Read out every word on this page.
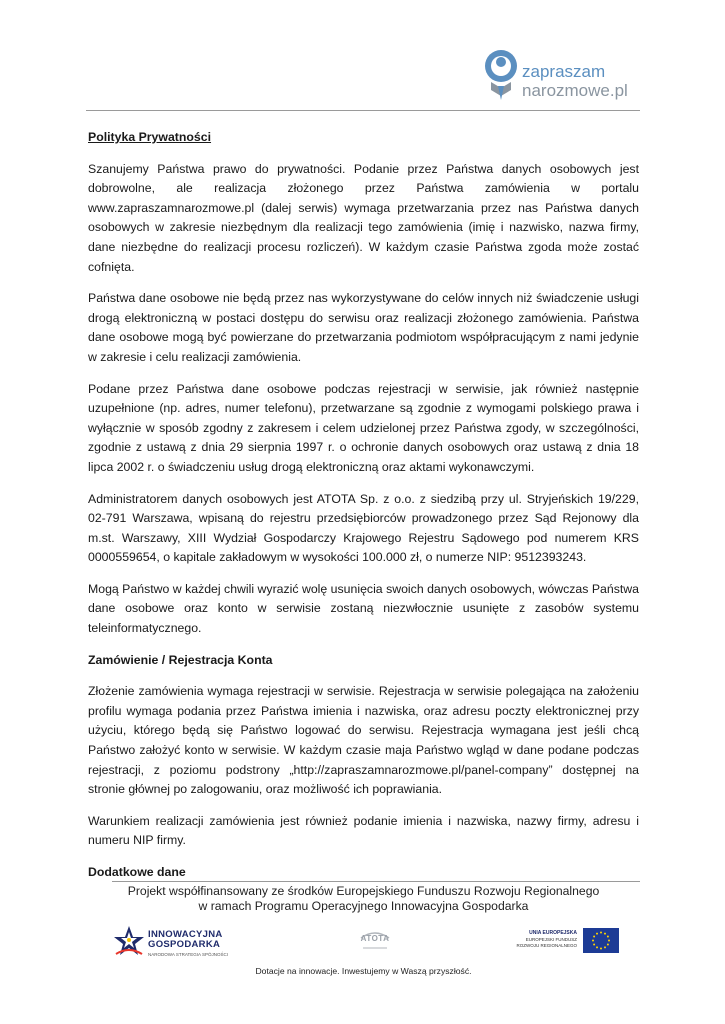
zapraszam
narozmowe.pl
Polityka Prywatności

Szanujemy Państwa prawo do prywatności. Podanie przez Państwa danych osobowych jest dobrowolne, ale realizacja złożonego przez Państwa zamówienia w portalu www.zapraszamnarozmowe.pl (dalej serwis) wymaga przetwarzania przez nas Państwa danych osobowych w zakresie niezbędnym dla realizacji tego zamówienia (imię i nazwisko, nazwa firmy, dane niezbędne do realizacji procesu rozliczeń). W każdym czasie Państwa zgoda może zostać cofnięta.

Państwa dane osobowe nie będą przez nas wykorzystywane do celów innych niż świadczenie usługi drogą elektroniczną w postaci dostępu do serwisu oraz realizacji złożonego zamówienia. Państwa dane osobowe mogą być powierzane do przetwarzania podmiotom współpracującym z nami jedynie w zakresie i celu realizacji zamówienia.

Podane przez Państwa dane osobowe podczas rejestracji w serwisie, jak również następnie uzupełnione (np. adres, numer telefonu), przetwarzane są zgodnie z wymogami polskiego prawa i wyłącznie w sposób zgodny z zakresem i celem udzielonej przez Państwa zgody, w szczególności, zgodnie z ustawą z dnia 29 sierpnia 1997 r. o ochronie danych osobowych oraz ustawą z dnia 18 lipca 2002 r. o świadczeniu usług drogą elektroniczną oraz aktami wykonawczymi.

Administratorem danych osobowych jest ATOTA Sp. z o.o. z siedzibą przy ul. Stryjeńskich 19/229, 02-791 Warszawa, wpisaną do rejestru przedsiębiorców prowadzonego przez Sąd Rejonowy dla m.st. Warszawy, XIII Wydział Gospodarczy Krajowego Rejestru Sądowego pod numerem KRS 0000559654, o kapitale zakładowym w wysokości 100.000 zł, o numerze NIP: 9512393243.

Mogą Państwo w każdej chwili wyrazić wolę usunięcia swoich danych osobowych, wówczas Państwa dane osobowe oraz konto w serwisie zostaną niezwłocznie usunięte z zasobów systemu teleinformatycznego.

Zamówienie / Rejestracja Konta

Złożenie zamówienia wymaga rejestracji w serwisie. Rejestracja w serwisie polegająca na założeniu profilu wymaga podania przez Państwa imienia i nazwiska, oraz adresu poczty elektronicznej przy użyciu, którego będą się Państwo logować do serwisu. Rejestracja wymagana jest jeśli chcą Państwo założyć konto w serwisie. W każdym czasie maja Państwo wgląd w dane podane podczas rejestracji, z poziomu podstrony „http://zapraszamnarozmowe.pl/panel-company” dostępnej na stronie głównej po zalogowaniu, oraz możliwość ich poprawiania.

Warunkiem realizacji zamówienia jest również podanie imienia i nazwiska, nazwy firmy, adresu i numeru NIP firmy.

Dodatkowe dane
Projekt współfinansowany ze środków Europejskiego Funduszu Rozwoju Regionalnego
w ramach Programu Operacyjnego Innowacyjna Gospodarka
INNOWACYJNA
GOSPODARKA
NARODOWA STRATEGIA SPÓJNOŚCI
ATOTA
UNIA EUROPEJSKA
EUROPEJSKI FUNDUSZ
ROZWOJU REGIONALNEGO
Dotacje na innowacje. Inwestujemy w Waszą przyszłość.
